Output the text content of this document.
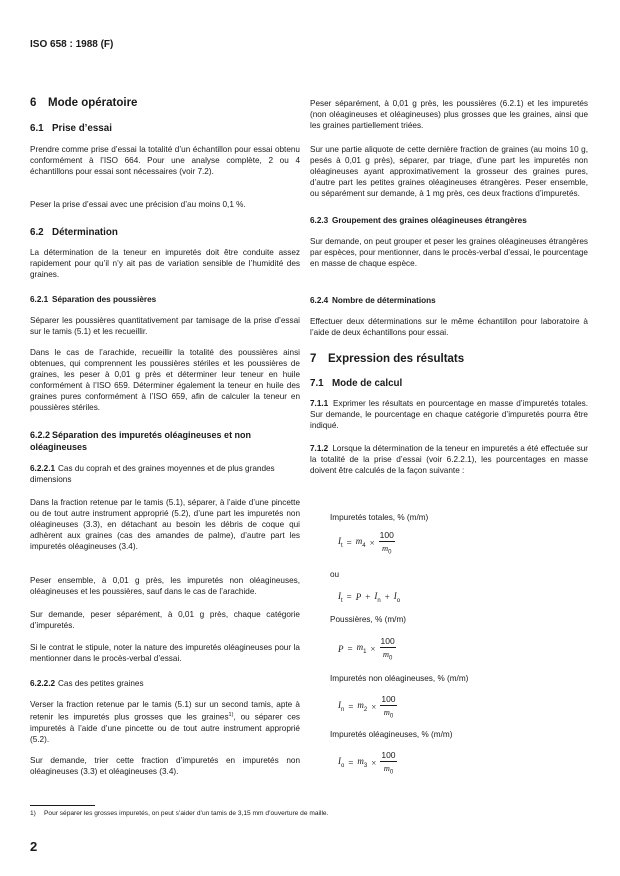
ISO 658 : 1988 (F)
6 Mode opératoire
6.1 Prise d’essai

Prendre comme prise d’essai la totalité d’un échantillon pour essai obtenu conformément à l’ISO 664. Pour une analyse complète, 2 ou 4 échantillons pour essai sont nécessaires (voir 7.2).

Peser la prise d’essai avec une précision d’au moins 0,1 %.

6.2 Détermination

La détermination de la teneur en impuretés doit être conduite assez rapidement pour qu’il n’y ait pas de variation sensible de l’humidité des graines.

6.2.1 Séparation des poussières

Séparer les poussières quantitativement par tamisage de la prise d’essai sur le tamis (5.1) et les recueillir.

Dans le cas de l’arachide, recueillir la totalité des poussières ainsi obtenues, qui comprennent les poussières stériles et les poussières de graines, les peser à 0,01 g près et déterminer leur teneur en huile conformément à l’ISO 659. Déterminer également la teneur en huile des graines pures conformément à l’ISO 659, afin de calculer la teneur en poussières stériles.

6.2.2 Séparation des impuretés oléagineuses et non oléagineuses
6.2.2.1 Cas du coprah et des graines moyennes et de plus grandes dimensions

Dans la fraction retenue par le tamis (5.1), séparer, à l’aide d’une pincette ou de tout autre instrument approprié (5.2), d’une part les impuretés non oléagineuses (3.3), en détachant au besoin les débris de coque qui adhèrent aux graines (cas des amandes de palme), d’autre part les impuretés oléagineuses (3.4).

Peser ensemble, à 0,01 g près, les impuretés non oléagineuses, oléagineuses et les poussières, sauf dans le cas de l’arachide.

Sur demande, peser séparément, à 0,01 g près, chaque catégorie d’impuretés.

Si le contrat le stipule, noter la nature des impuretés oléagineuses pour la mentionner dans le procès-verbal d’essai.

6.2.2.2 Cas des petites graines

Verser la fraction retenue par le tamis (5.1) sur un second tamis, apte à retenir les impuretés plus grosses que les graines$^{1)}$, ou séparer ces impuretés à l’aide d’une pincette ou de tout autre instrument approprié (5.2).

Sur demande, trier cette fraction d’impuretés en impuretés non oléagineuses (3.3) et oléagineuses (3.4).

Peser séparément, à 0,01 g près, les poussières (6.2.1) et les impuretés (non oléagineuses et oléagineuses) plus grosses que les graines, ainsi que les graines partiellement triées.

Sur une partie aliquote de cette dernière fraction de graines (au moins 10 g, pesés à 0,01 g près), séparer, par triage, d’une part les impuretés non oléagineuses ayant approximativement la grosseur des graines pures, d’autre part les petites graines oléagineuses étrangères. Peser ensemble, ou séparément sur demande, à 1 mg près, ces deux fractions d’impuretés.

6.2.3 Groupement des graines oléagineuses étrangères

Sur demande, on peut grouper et peser les graines oléagineuses étrangères par espèces, pour mentionner, dans le procès-verbal d’essai, le pourcentage en masse de chaque espèce.

6.2.4 Nombre de déterminations

Effectuer deux déterminations sur le même échantillon pour laboratoire à l’aide de deux échantillons pour essai.

7 Expression des résultats
7.1 Mode de calcul

7.1.1 Exprimer les résultats en pourcentage en masse d’impuretés totales. Sur demande, le pourcentage en chaque catégorie d’impuretés pourra être indiqué.

7.1.2 Lorsque la détermination de la teneur en impuretés a été effectuée sur la totalité de la prise d’essai (voir 6.2.2.1), les pourcentages en masse doivent être calculés de la façon suivante :

Impuretés totales, % (m/m)
$I_t = m_4 \times \frac{100}{m_0}$
ou
$I_t = P + I_n + I_o$
Poussières, % (m/m)
$P = m_1 \times \frac{100}{m_0}$
Impuretés non oléagineuses, % (m/m)
$I_n = m_2 \times \frac{100}{m_0}$
Impuretés oléagineuses, % (m/m)
$I_o = m_3 \times \frac{100}{m_0}$
1) Pour séparer les grosses impuretés, on peut s’aider d’un tamis de 3,15 mm d’ouverture de maille.
2
